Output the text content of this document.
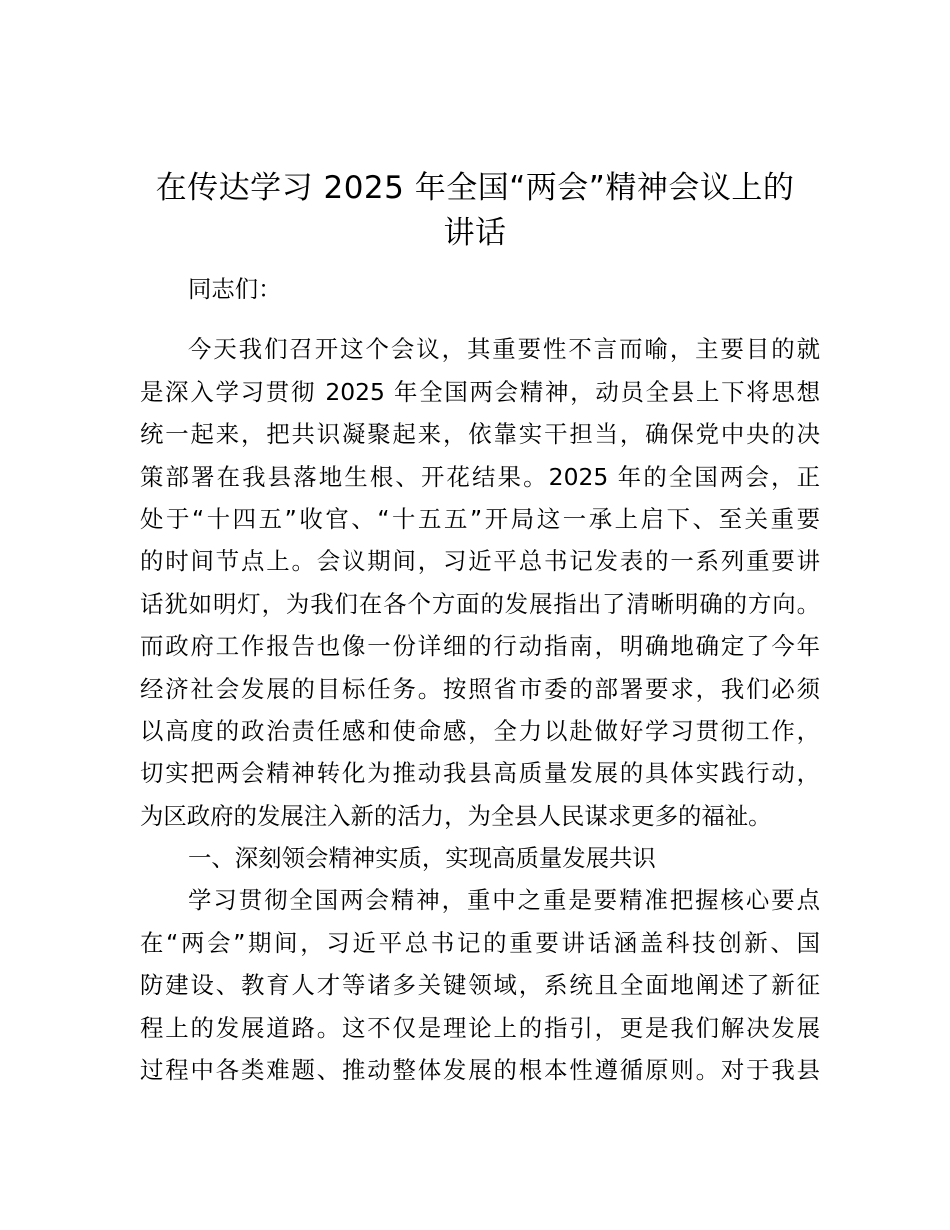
在传达学习 2025 年全国“两会”精神会议上的
讲话
同志们：
今天我们召开这个会议，其重要性不言而喻，主要目的就
是深入学习贯彻 2025 年全国两会精神，动员全县上下将思想
统一起来，把共识凝聚起来，依靠实干担当，确保党中央的决
策部署在我县落地生根、开花结果。2025 年的全国两会，正
处于“十四五”收官、“十五五”开局这一承上启下、至关重要
的时间节点上。会议期间，习近平总书记发表的一系列重要讲
话犹如明灯，为我们在各个方面的发展指出了清晰明确的方向。
而政府工作报告也像一份详细的行动指南，明确地确定了今年
经济社会发展的目标任务。按照省市委的部署要求，我们必须
以高度的政治责任感和使命感，全力以赴做好学习贯彻工作，
切实把两会精神转化为推动我县高质量发展的具体实践行动，
为区政府的发展注入新的活力，为全县人民谋求更多的福祉。
一、深刻领会精神实质，实现高质量发展共识
学习贯彻全国两会精神，重中之重是要精准把握核心要点
在“两会”期间，习近平总书记的重要讲话涵盖科技创新、国
防建设、教育人才等诸多关键领域，系统且全面地阐述了新征
程上的发展道路。这不仅是理论上的指引，更是我们解决发展
过程中各类难题、推动整体发展的根本性遵循原则。对于我县
